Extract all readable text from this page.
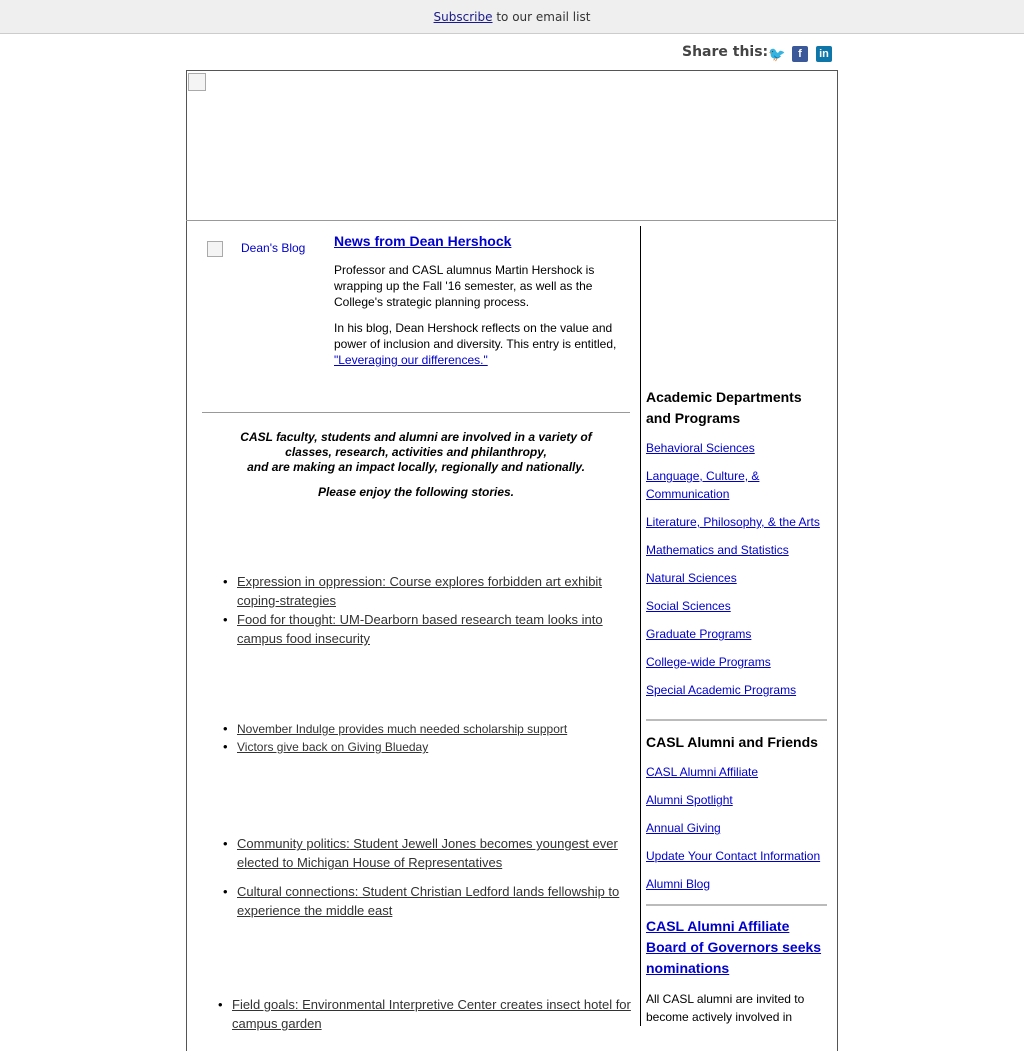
Subscribe to our email list
Share this: 🐦	f	in
Dean's Blog News from Dean Hershock
Professor and CASL alumnus Martin Hershock is wrapping up the Fall '16 semester, as well as the College's strategic planning process.
In his blog, Dean Hershock reflects on the value and power of inclusion and diversity. This entry is entitled, "Leveraging our differences."
CASL faculty, students and alumni are involved in a variety of
classes, research, activities and philanthropy,
and are making an impact locally, regionally and nationally.
Please enjoy the following stories.
• Expression in oppression: Course explores forbidden art exhibit coping-strategies
• Food for thought: UM-Dearborn based research team looks into campus food insecurity
• November Indulge provides much needed scholarship support
• Victors give back on Giving Blueday
• Community politics: Student Jewell Jones becomes youngest ever elected to Michigan House of Representatives
• Cultural connections: Student Christian Ledford lands fellowship to experience the middle east
• Field goals: Environmental Interpretive Center creates insect hotel for campus garden
Academic Departments and Programs
Behavioral Sciences
Language, Culture, & Communication
Literature, Philosophy, & the Arts
Mathematics and Statistics
Natural Sciences
Social Sciences
Graduate Programs
College-wide Programs
Special Academic Programs
CASL Alumni and Friends
CASL Alumni Affiliate
Alumni Spotlight
Annual Giving
Update Your Contact Information
Alumni Blog
CASL Alumni Affiliate Board of Governors seeks nominations
All CASL alumni are invited to become actively involved in
